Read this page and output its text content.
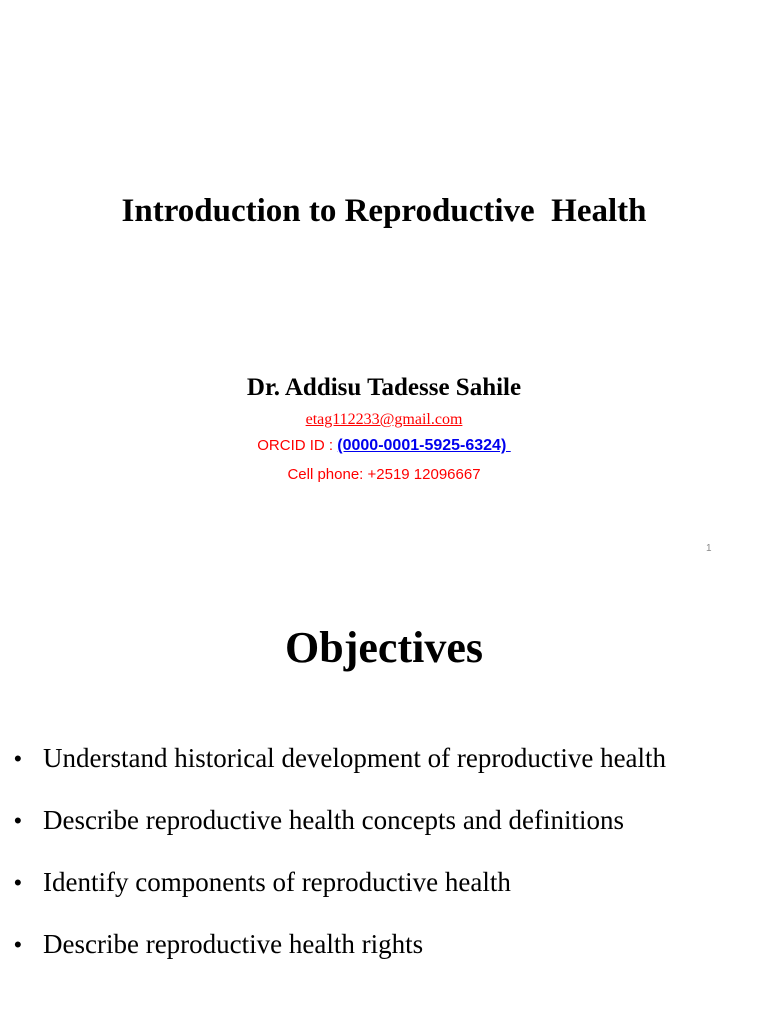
Introduction to Reproductive  Health

Dr. Addisu Tadesse Sahile

etag112233@gmail.com

ORCID ID : (0000-0001-5925-6324)

Cell phone: +2519 12096667

1
Objectives
• Understand historical development of reproductive health
• Describe reproductive health concepts and definitions
• Identify components of reproductive health
• Describe reproductive health rights
